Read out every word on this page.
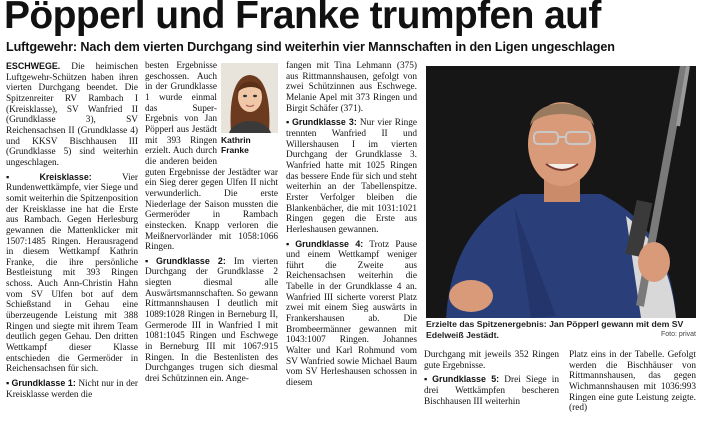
Pöpperl und Franke trumpfen auf
Luftgewehr: Nach dem vierten Durchgang sind weiterhin vier Mannschaften in den Ligen ungeschlagen

ESCHWEGE. Die heimischen Luftgewehr-Schützen haben ihren vierten Durchgang beendet. Die Spitzenreiter RV Rambach I (Kreisklasse), SV Wanfried II (Grundklasse 3), SV Reichensachsen II (Grundklasse 4) und KKSV Bischhausen III (Grundklasse 5) sind weiterhin ungeschlagen.

▪ Kreisklasse:	Vier Rundenwettkämpfe, vier Siege und somit weiterhin die Spitzenposition der Kreisklasse ine hat die Erste aus Rambach. Gegen Herlesburg gewannen die Mattenklicker mit 1507:1485 Ringen. Herausragend in diesem Wettkampf Kathrin Franke, die ihre persönliche Bestleistung mit 393 Ringen schoss. Auch Ann-Christin Hahn vom SV Ulfen bot auf dem Schießstand in Gehau eine überzeugende Leistung mit 388 Ringen und siegte mit ihrem Team deutlich gegen Gehau. Den dritten Wettkampf dieser Klasse entschieden die Germeröder in Reichensachsen für sich.

▪ Grundklasse 1: Nicht nur in der Kreisklasse werden die

Kathrin Franke
besten Ergebnisse geschossen. Auch in der Grundklasse 1 wurde einmal das Super-Ergebnis von Jan Pöpperl aus Jestädt mit 393 Ringen erzielt. Auch durch die anderen beiden guten Ergebnisse der Jestädter war ein Sieg derer gegen Ulfen II nicht verwunderlich. Die erste Niederlage der Saison mussten die Germeröder in Rambach einstecken. Knapp verloren die Meißnervorländer mit 1058:1066 Ringen.

▪ Grundklasse 2: Im vierten Durchgang der Grundklasse 2 siegten diesmal alle Auswärtsmannschaften. So gewann Rittmannshausen I deutlich mit 1089:1028 Ringen in Berneburg II, Germerode III in Wanfried I mit 1081:1045 Ringen und Eschwege in Berneburg III mit 1067:915 Ringen. In die Bestenlisten des Durchganges trugen sich diesmal drei Schützinnen ein. Ange-

fangen mit Tina Lehmann (375) aus Rittmannshausen, gefolgt von zwei Schützinnen aus Eschwege. Melanie Apel mit 373 Ringen und Birgit Schäfer (371).

▪ Grundklasse 3: Nur vier Ringe trennten Wanfried II und Willershausen I im vierten Durchgang der Grundklasse 3. Wanfried hatte mit 1025 Ringen das bessere Ende für sich und steht weiterhin an der Tabellenspitze. Erster Verfolger bleiben die Blankenbächer, die mit 1031:1021 Ringen gegen die Erste aus Herleshausen gewannen.

▪ Grundklasse 4: Trotz Pause und einem Wettkampf weniger führt die Zweite aus Reichensachsen weiterhin die Tabelle in der Grundklasse 4 an. Wanfried III sicherte vorerst Platz zwei mit einem Sieg auswärts in Frankershausen ab. Die Brombeermänner gewannen mit 1043:1007 Ringen. Johannes Walter und Karl Rohmund vom SV Wanfried sowie Michael Baum vom SV Herleshausen schossen in diesem

Erzielte das Spitzenergebnis: Jan Pöpperl gewann mit dem SV Edelweiß Jestädt.	Foto: privat

Durchgang mit jeweils 352 Ringen gute Ergebnisse.

▪ Grundklasse 5: Drei Siege in drei Wettkämpfen bescheren Bischhausen III weiterhin

Platz eins in der Tabelle. Gefolgt werden die Bischhäuser von Rittmannshausen, das gegen Wichmannshausen mit 1036:993 Ringen eine gute Leistung zeigte. (red)
